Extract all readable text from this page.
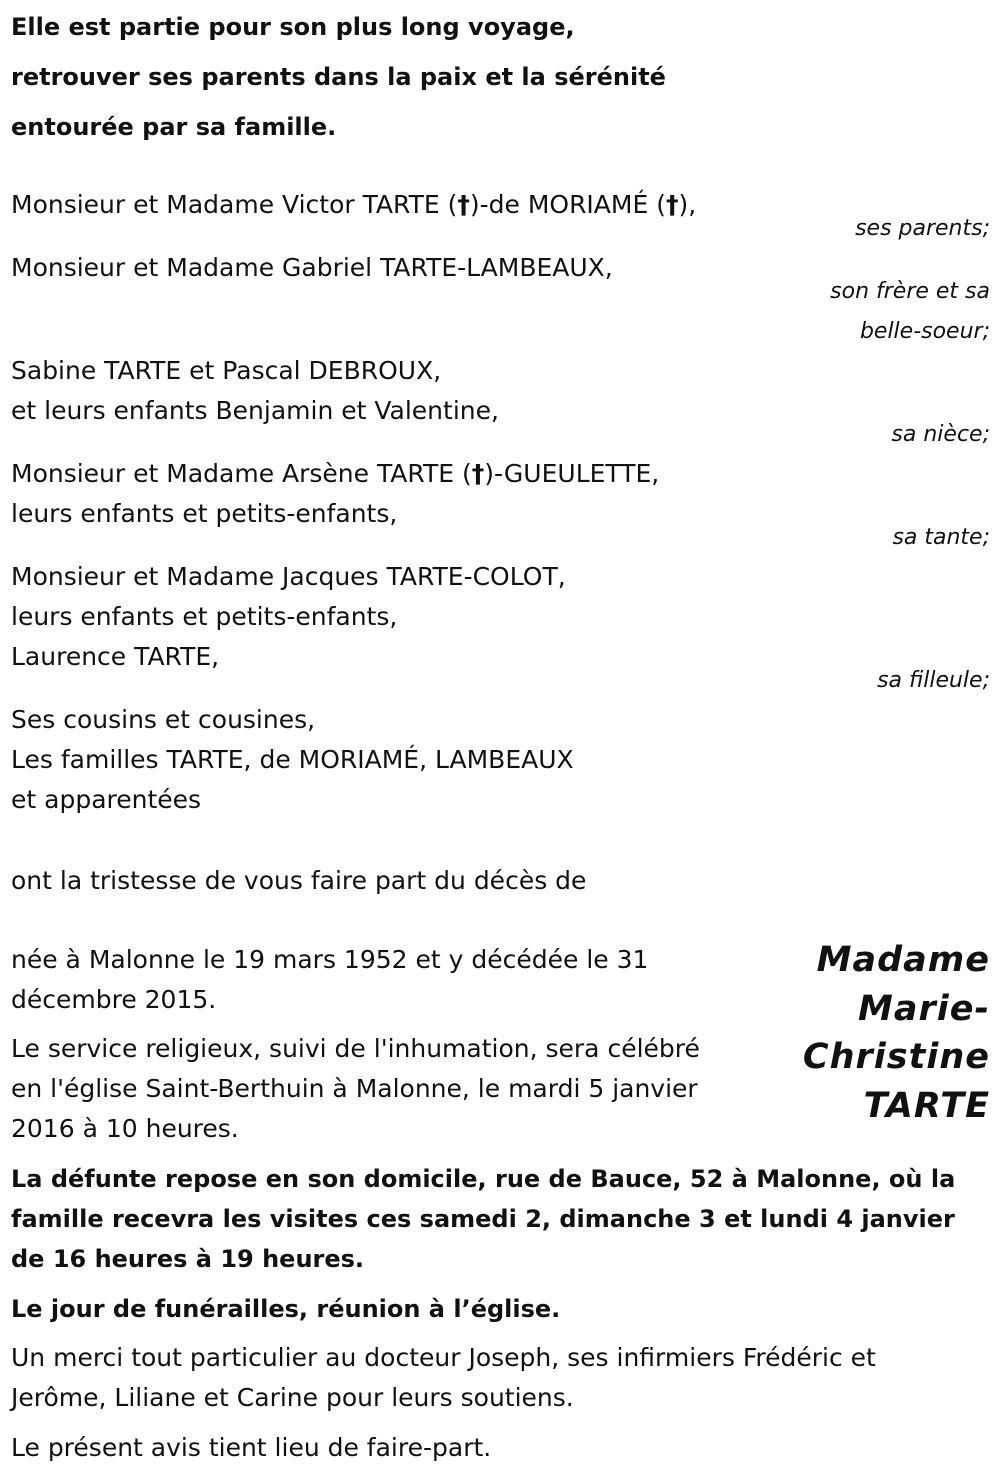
Elle est partie pour son plus long voyage,
retrouver ses parents dans la paix et la sérénité
entourée par sa famille.
Monsieur et Madame Victor TARTE (†)-de MORIAMÉ (†),
ses parents;
Monsieur et Madame Gabriel TARTE-LAMBEAUX,
son frère et sa
belle-soeur;
Sabine TARTE et Pascal DEBROUX,
et leurs enfants Benjamin et Valentine,
sa nièce;
Monsieur et Madame Arsène TARTE (†)-GUEULETTE,
leurs enfants et petits-enfants,
sa tante;
Monsieur et Madame Jacques TARTE-COLOT,
leurs enfants et petits-enfants,
Laurence TARTE,
sa filleule;
Ses cousins et cousines,
Les familles TARTE, de MORIAMÉ, LAMBEAUX
et apparentées
ont la tristesse de vous faire part du décès de
Madame
Marie-
Christine
TARTE
née à Malonne le 19 mars 1952 et y décédée le 31
décembre 2015.
Le service religieux, suivi de l'inhumation, sera célébré
en l'église Saint-Berthuin à Malonne, le mardi 5 janvier
2016 à 10 heures.
La défunte repose en son domicile, rue de Bauce, 52 à Malonne, où la
famille recevra les visites ces samedi 2, dimanche 3 et lundi 4 janvier
de 16 heures à 19 heures.
Le jour de funérailles, réunion à l’église.
Un merci tout particulier au docteur Joseph, ses infirmiers Frédéric et
Jerôme, Liliane et Carine pour leurs soutiens.
Le présent avis tient lieu de faire-part.
